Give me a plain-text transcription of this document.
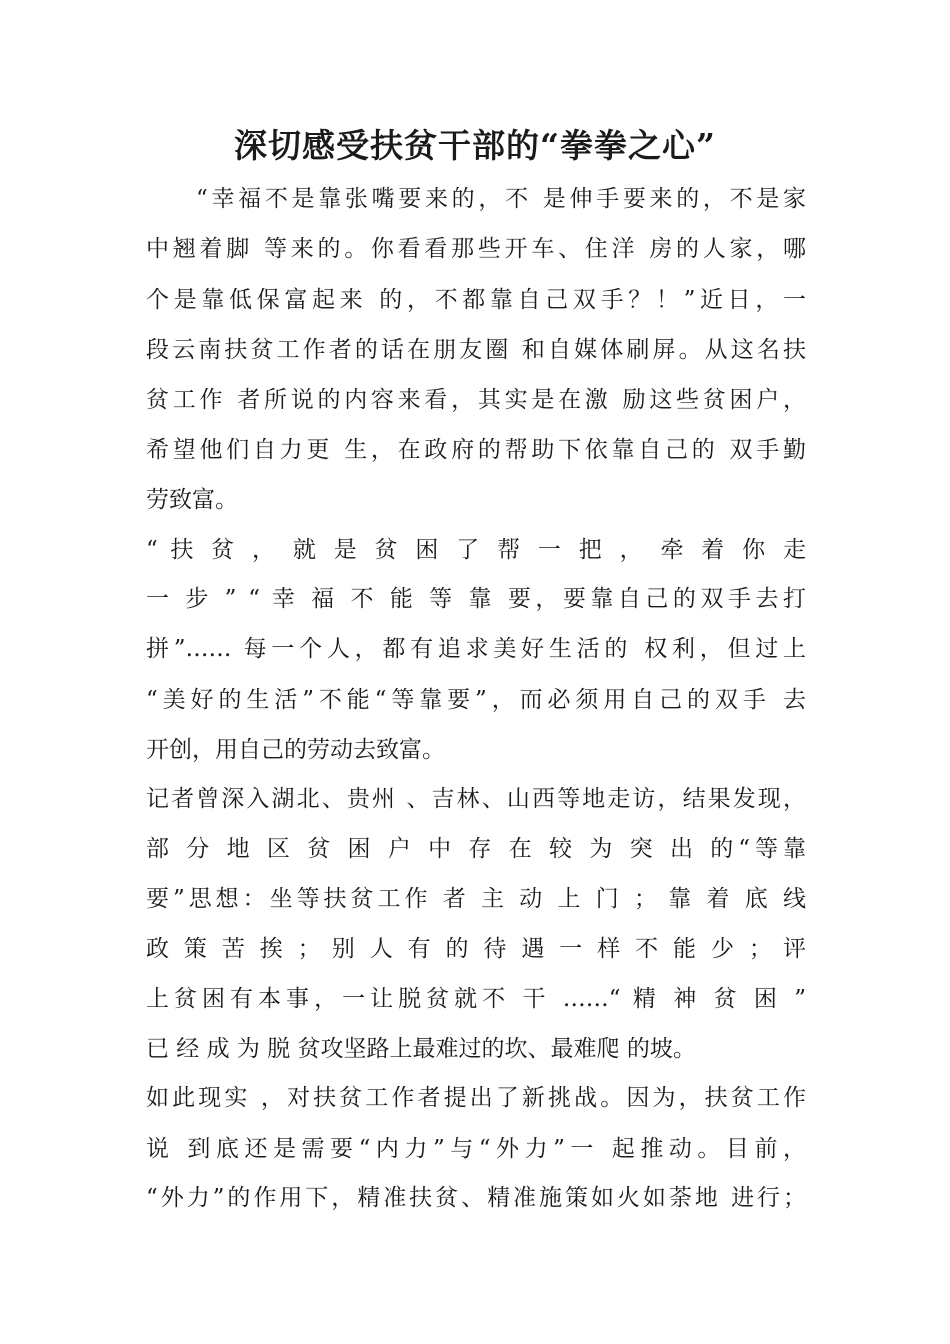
深切感受扶贫干部的“拳拳之心”
“幸福不是靠张嘴要来的，不 是伸手要来的，不是家
中翘着脚 等来的。你看看那些开车、住洋 房的人家，哪
个是靠低保富起来 的，不都靠自己双手？！”近日，一
段云南扶贫工作者的话在朋友圈 和自媒体刷屏。从这名扶
贫工作 者所说的内容来看，其实是在激 励这些贫困户，
希望他们自力更 生，在政府的帮助下依靠自己的 双手勤
劳致富。
“ 扶 贫 ， 就 是 贫 困 了 帮 一 把 ， 牵 着 你 走
一 步 ” “ 幸 福 不 能 等 靠 要，要靠自己的双手去打
拼”…… 每一个人，都有追求美好生活的 权利，但过上
“美好的生活”不能“等靠要”，而必须用自己的双手 去
开创，用自己的劳动去致富。
记者曾深入湖北、贵州 、吉林、山西等地走访，结果发现，
部 分 地 区 贫 困 户 中 存 在 较 为 突 出 的“等靠
要”思想：坐等扶贫工作 者 主 动 上 门 ； 靠 着 底 线
政 策 苦 挨 ； 别 人 有 的 待 遇 一 样 不 能 少 ； 评
上贫困有本事，一让脱贫就不 干 ……“ 精 神 贫 困 ”
已 经 成 为 脱 贫攻坚路上最难过的坎、最难爬 的坡。
如此现实 ，对扶贫工作者提出了新挑战。因为，扶贫工作
说 到底还是需要“内力”与“外力”一 起推动。目前，
“外力”的作用下，精准扶贫、精准施策如火如荼地 进行；
